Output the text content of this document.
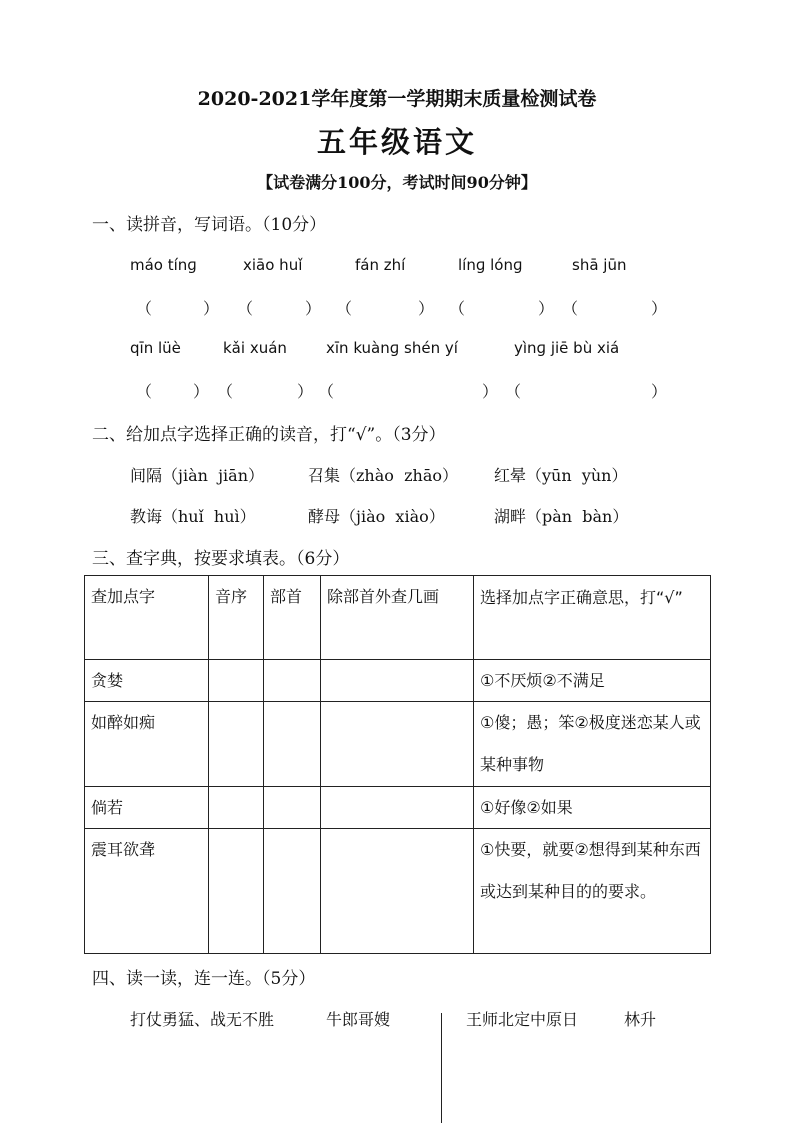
2020-2021学年度第一学期期末质量检测试卷
五年级语文
【试卷满分100分，考试时间90分钟】
一、读拼音，写词语。（10分）
máo tínɡ	xiāo huǐ	fán zhí	línɡ lónɡ	shā jūn
（	） （	） （	） （	） （	）
qīn lüè	kǎi xuán	xīn kuànɡ shén yí	yìnɡ jiē bù xiá
（	） （	） （	） （	）
二、给加点字选择正确的读音，打“√”。（3分）
间隔（jiàn  jiān）	召集（zhào  zhāo） 红晕（yūn  yùn）
教诲（huǐ  huì）	酵母（jiào  xiào）	湖畔（pàn  bàn）
三、查字典，按要求填表。（6分）
查加点字	音序	部首	除部首外查几画	选择加点字正确意思，打“√”
贪婪				①不厌烦②不满足
如醉如痴				①傻；愚；笨②极度迷恋某人或某种事物
倘若				①好像②如果
震耳欲聋				①快要，就要②想得到某种东西或达到某种目的的要求。
四、读一读，连一连。（5分）
打仗勇猛、战无不胜	牛郎哥嫂	王师北定中原日	林升
